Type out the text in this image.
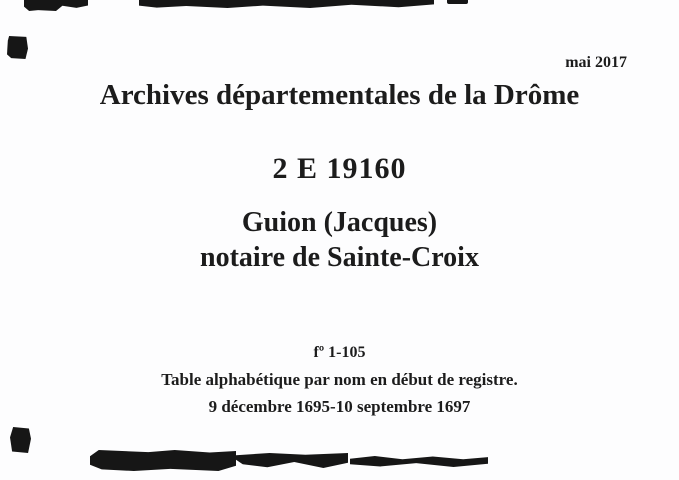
mai 2017
Archives départementales de la Drôme
2 E 19160
Guion (Jacques)
notaire de Sainte-Croix
fº 1-105
Table alphabétique par nom en début de registre.
9 décembre 1695-10 septembre 1697
